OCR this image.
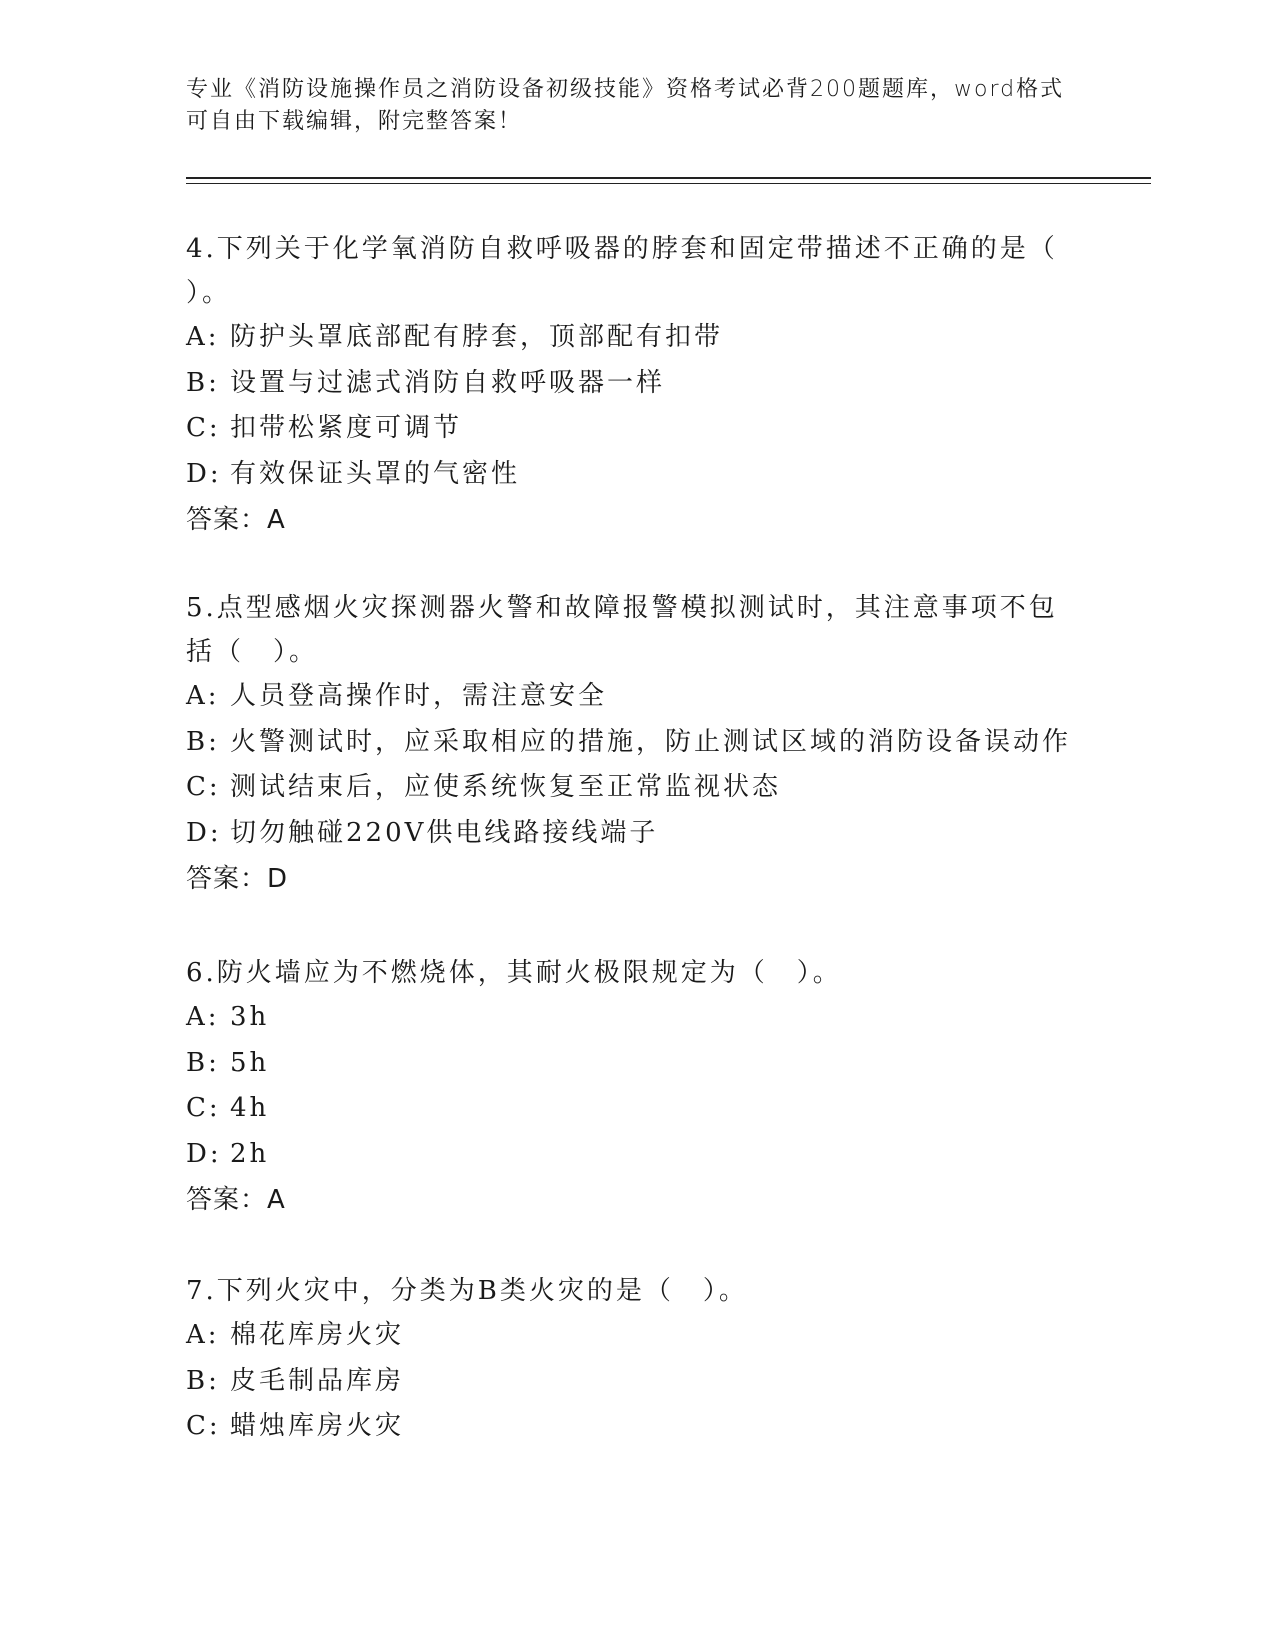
专业《消防设施操作员之消防设备初级技能》资格考试必背200题题库，word格式可自由下载编辑，附完整答案！
4.下列关于化学氧消防自救呼吸器的脖套和固定带描述不正确的是（ ）。
A: 防护头罩底部配有脖套，顶部配有扣带
B: 设置与过滤式消防自救呼吸器一样
C: 扣带松紧度可调节
D: 有效保证头罩的气密性
答案：A
5.点型感烟火灾探测器火警和故障报警模拟测试时，其注意事项不包括（　）。
A: 人员登高操作时，需注意安全
B: 火警测试时，应采取相应的措施，防止测试区域的消防设备误动作
C: 测试结束后，应使系统恢复至正常监视状态
D: 切勿触碰220V供电线路接线端子
答案：D
6.防火墙应为不燃烧体，其耐火极限规定为（　）。
A: 3h
B: 5h
C: 4h
D: 2h
答案：A
7.下列火灾中，分类为B类火灾的是（　）。
A: 棉花库房火灾
B: 皮毛制品库房
C: 蜡烛库房火灾
